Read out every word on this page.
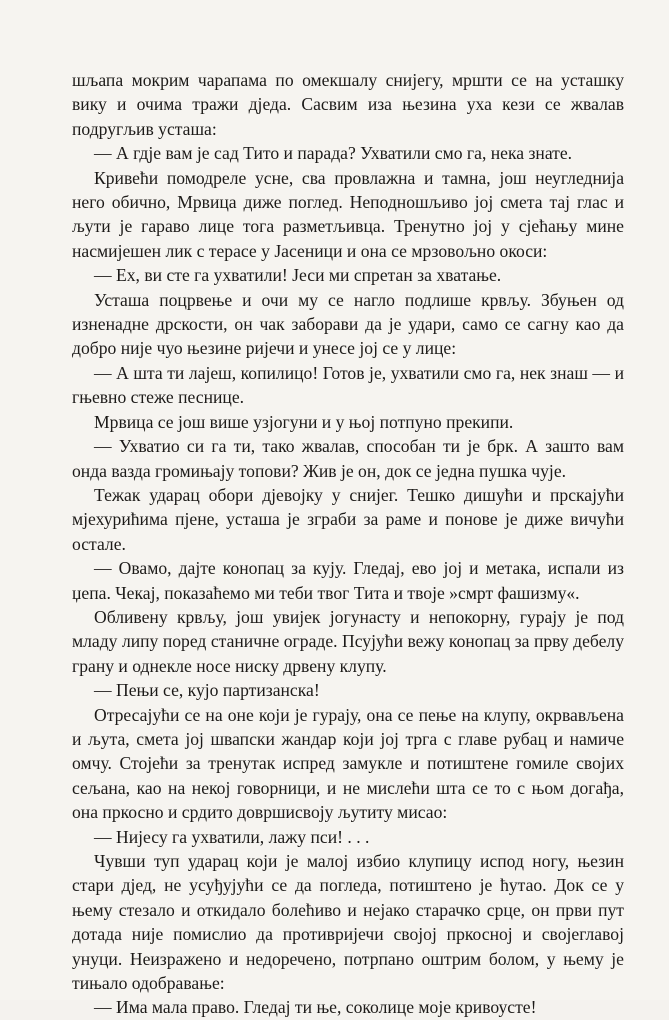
шљапа мокрим чарапама по омекшалу снијегу, мршти се на усташку вику и очима тражи дједа. Сасвим иза њезина уха кези се жвалав подругљив усташа:

— А гдје вам је сад Тито и парада? Ухватили смо га, нека знате.

Кривећи помодреле усне, сва провлажна и тамна, још неугледнија него обично, Мрвица диже поглед. Неподношљиво јој смета тај глас и љути је гараво лице тога разметљивца. Тренутно јој у сјећању мине насмијешен лик с терасе у Јасеници и она се мрзовољно окоси:

— Ех, ви сте га ухватили! Јеси ми спретан за хватање.

Усташа поцрвење и очи му се нагло подлише крвљу. Збуњен од изненадне дрскости, он чак заборави да је удари, само се сагну као да добро није чуо њезине ријечи и унесе јој се у лице:

— А шта ти лајеш, копилицо! Готов је, ухватили смо га, нек знаш — и гњевно стеже песнице.

Мрвица се још више узјогуни и у њој потпуно прекипи.

— Ухватио си га ти, тако жвалав, способан ти је брк. А зашто вам онда вазда громињају топови? Жив је он, док се једна пушка чује.

Тежак ударац обори дјевојку у снијег. Тешко дишући и прскајући мјехурићима пјене, усташа је зграби за раме и понове је диже вичући остале.

— Овамо, дајте конопац за кују. Гледај, ево јој и метака, испали из џепа. Чекај, показаћемо ми теби твог Тита и твоје »смрт фашизму«.

Обливену крвљу, још увијек јогунасту и непокорну, гурају је под младу липу поред станичне ограде. Псујући вежу конопац за прву дебелу грану и однекле носе ниску дрвену клупу.

— Пењи се, кујо партизанска!

Отресајући се на оне који је гурају, она се пење на клупу, окрвављена и љута, смета јој швапски жандар који јој трга с главе рубац и намиче омчу. Стојећи за тренутак испред замукле и потиштене гомиле својих сељана, као на некој говорници, и не мислећи шта се то с њом догађа, она пркосно и срдито довршисвоју љутиту мисао:

— Нијесу га ухватили, лажу пси! . . .

Чувши туп ударац који је малој избио клупицу испод ногу, њезин стари дјед, не усуђујући се да погледа, потиштено је ћутао. Док се у њему стезало и откидало болећиво и нејако старачко срце, он први пут дотада није помислио да противријечи својој пркосној и својеглавој унуци. Неизражено и недоречено, потрпано оштрим болом, у њему је тињало одобравање:

— Има мала право. Гледај ти ње, соколице моје кривоусте!
